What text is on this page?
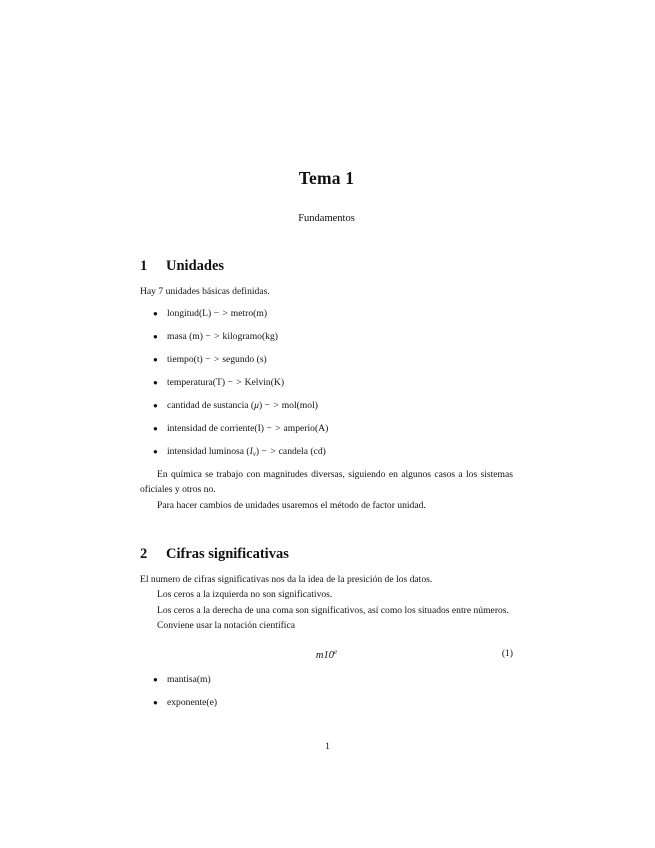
Tema 1
Fundamentos
1	Unidades

Hay 7 unidades básicas definidas.

● longitud(L) − > metro(m)
● masa (m) − > kilogramo(kg)
● tiempo(t) − > segundo (s)
● temperatura(T) − > Kelvin(K)
● cantidad de sustancia (μ) − > mol(mol)
● intensidad de corriente(I) − > amperio(A)
● intensidad luminosa $(I_v)$ − > candela (cd)

En química se trabajo con magnitudes diversas, siguiendo en algunos casos a los sistemas oficiales y otros no.

Para hacer cambios de unidades usaremos el método de factor unidad.

2	Cifras significativas

El numero de cifras significativas nos da la idea de la presición de los datos.

Los ceros a la izquierda no son significativos.

Los ceros a la derecha de una coma son significativos, así como los situados entre números.

Conviene usar la notación científica

m10e	(1)
● mantisa(m)
● exponente(e)
1
